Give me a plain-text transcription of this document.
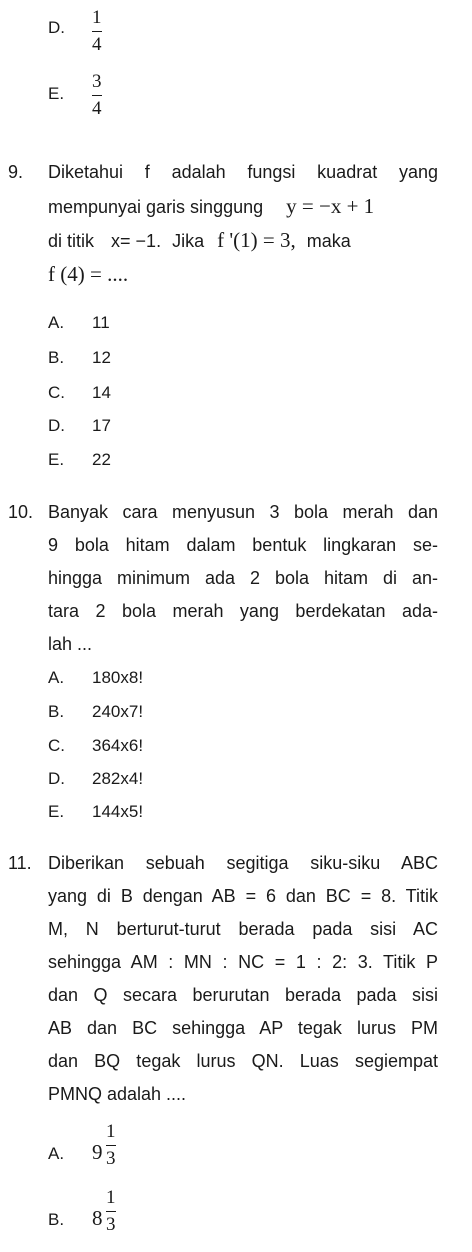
D. 1
4
E.
3
4
9. Diketahui f adalah fungsi kuadrat yang
mempunyai garis singgung y = −x + 1
di titik x= −1. Jika f '(1) = 3, maka
f (4) = ....
A. 11
B. 12
C. 14
D. 17
E. 22
10. Banyak cara menyusun 3 bola merah dan
9 bola hitam dalam bentuk lingkaran se-
hingga minimum ada 2 bola hitam di an-
tara 2 bola merah yang berdekatan ada-
lah ...
A. 180x8!
B. 240x7!
C. 364x6!
D. 282x4!
E. 144x5!
11. Diberikan sebuah segitiga siku-siku ABC
yang di B dengan AB = 6 dan BC = 8. Titik
M, N berturut-turut berada pada sisi AC
sehingga AM : MN : NC = 1 : 2: 3. Titik P
dan Q secara berurutan berada pada sisi
AB dan BC sehingga AP tegak lurus PM
dan BQ tegak lurus QN. Luas segiempat
PMNQ adalah ....
A. 9
1
3
B. 8
1
3
